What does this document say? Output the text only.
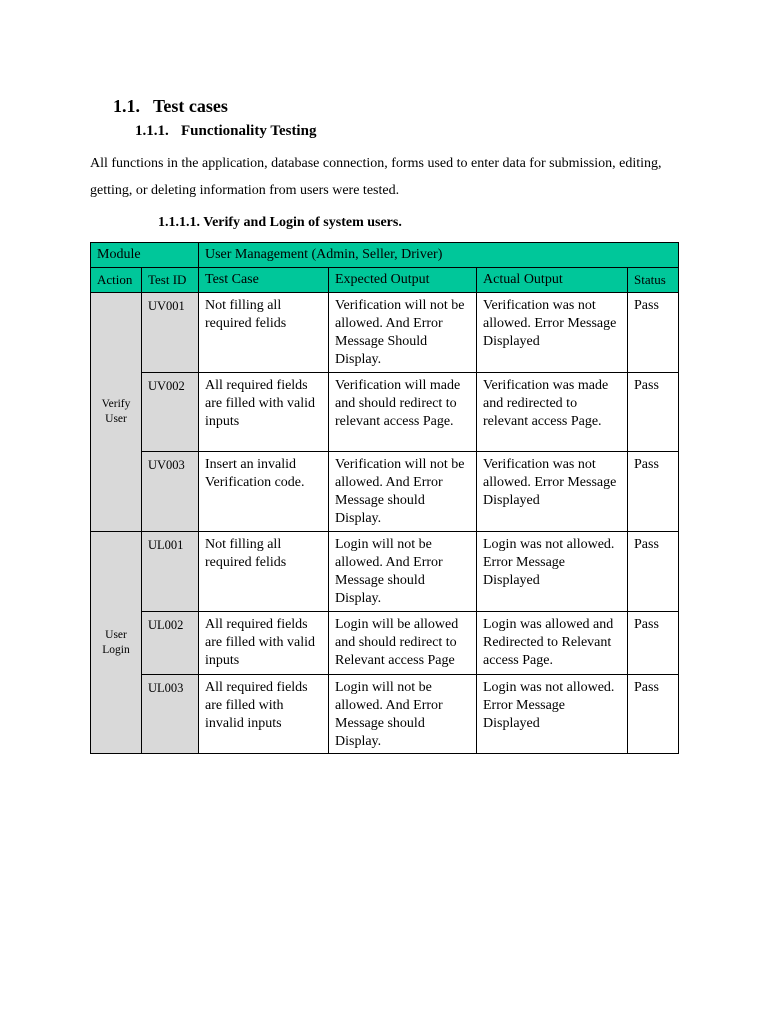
1.1. Test cases
1.1.1. Functionality Testing
All functions in the application, database connection, forms used to enter data for submission, editing, getting, or deleting information from users were tested.
1.1.1.1. Verify and Login of system users.
Module		User Management (Admin, Seller, Driver)			
Action	Test ID	Test Case	Expected Output	Actual Output	Status
Verify User	UV001	Not filling all required felids	Verification will not be allowed. And Error Message Should Display.	Verification was not allowed. Error Message Displayed	Pass
	UV002	All required fields are filled with valid inputs	Verification will made and should redirect to relevant access Page.	Verification was made and redirected to relevant access Page.	Pass
	UV003	Insert an invalid Verification code.	Verification will not be allowed. And Error Message should Display.	Verification was not allowed. Error Message Displayed	Pass
User Login	UL001	Not filling all required felids	Login will not be allowed. And Error Message should Display.	Login was not allowed. Error Message Displayed	Pass
	UL002	All required fields are filled with valid inputs	Login will be allowed and should redirect to Relevant access Page	Login was allowed and Redirected to Relevant access Page.	Pass
	UL003	All required fields are filled with invalid inputs	Login will not be allowed. And Error Message should Display.	Login was not allowed. Error Message Displayed	Pass
